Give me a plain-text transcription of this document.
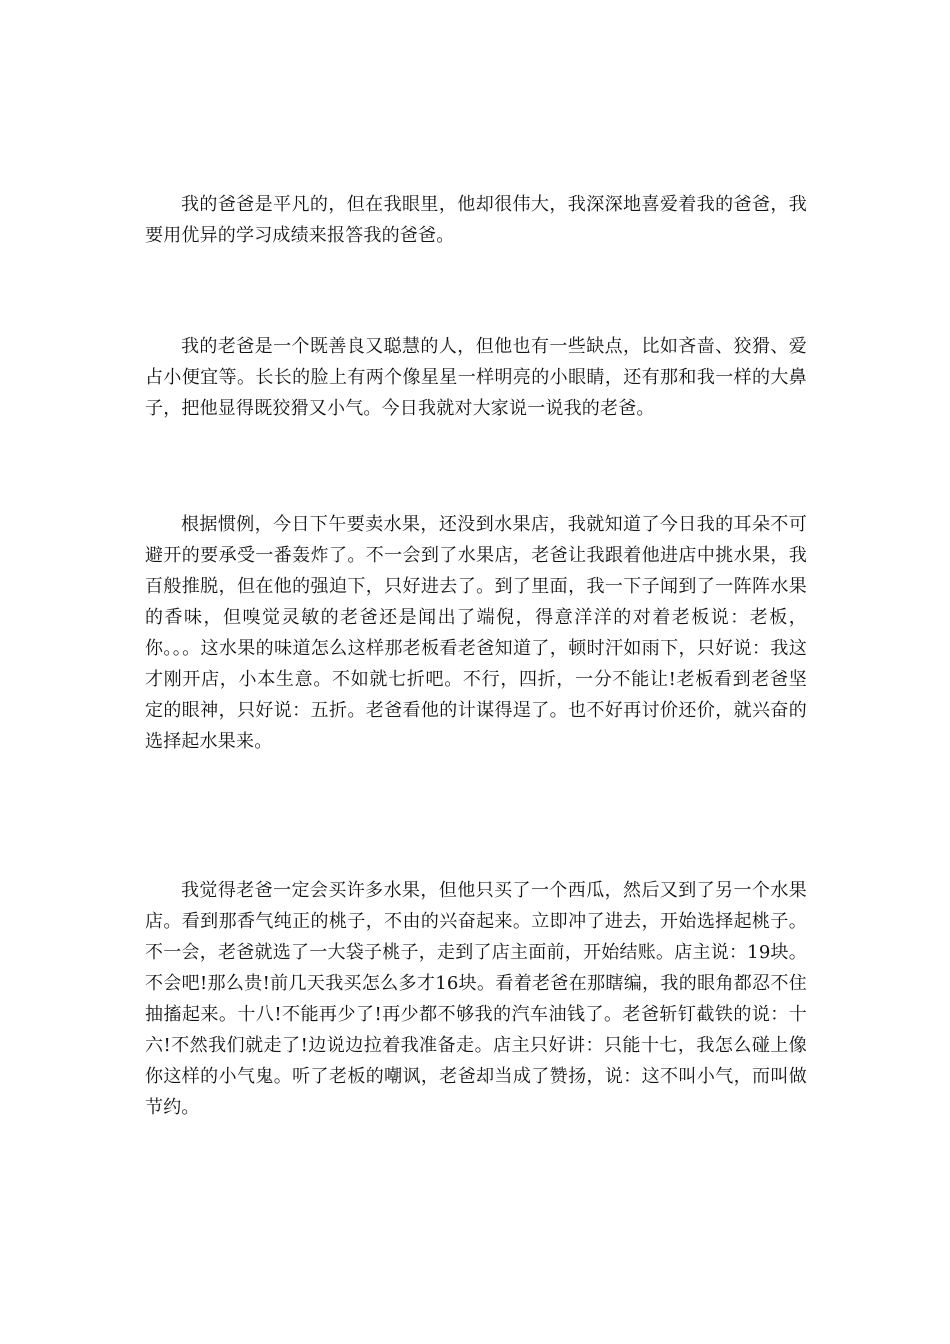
我的爸爸是平凡的，但在我眼里，他却很伟大，我深深地喜爱着我的爸爸，我要用优异的学习成绩来报答我的爸爸。

我的老爸是一个既善良又聪慧的人，但他也有一些缺点，比如吝啬、狡猾、爱占小便宜等。长长的脸上有两个像星星一样明亮的小眼睛，还有那和我一样的大鼻子，把他显得既狡猾又小气。今日我就对大家说一说我的老爸。

根据惯例，今日下午要卖水果，还没到水果店，我就知道了今日我的耳朵不可避开的要承受一番轰炸了。不一会到了水果店，老爸让我跟着他进店中挑水果，我百般推脱，但在他的强迫下，只好进去了。到了里面，我一下子闻到了一阵阵水果的香味，但嗅觉灵敏的老爸还是闻出了端倪，得意洋洋的对着老板说：老板，你。。。这水果的味道怎么这样那老板看老爸知道了，顿时汗如雨下，只好说：我这才刚开店，小本生意。不如就七折吧。不行，四折，一分不能让!老板看到老爸坚定的眼神，只好说：五折。老爸看他的计谋得逞了。也不好再讨价还价，就兴奋的选择起水果来。

我觉得老爸一定会买许多水果，但他只买了一个西瓜，然后又到了另一个水果店。看到那香气纯正的桃子，不由的兴奋起来。立即冲了进去，开始选择起桃子。不一会，老爸就选了一大袋子桃子，走到了店主面前，开始结账。店主说：19块。不会吧!那么贵!前几天我买怎么多才16块。看着老爸在那瞎编，我的眼角都忍不住抽搐起来。十八!不能再少了!再少都不够我的汽车油钱了。老爸斩钉截铁的说：十六!不然我们就走了!边说边拉着我准备走。店主只好讲：只能十七，我怎么碰上像你这样的小气鬼。听了老板的嘲讽，老爸却当成了赞扬，说：这不叫小气，而叫做节约。
